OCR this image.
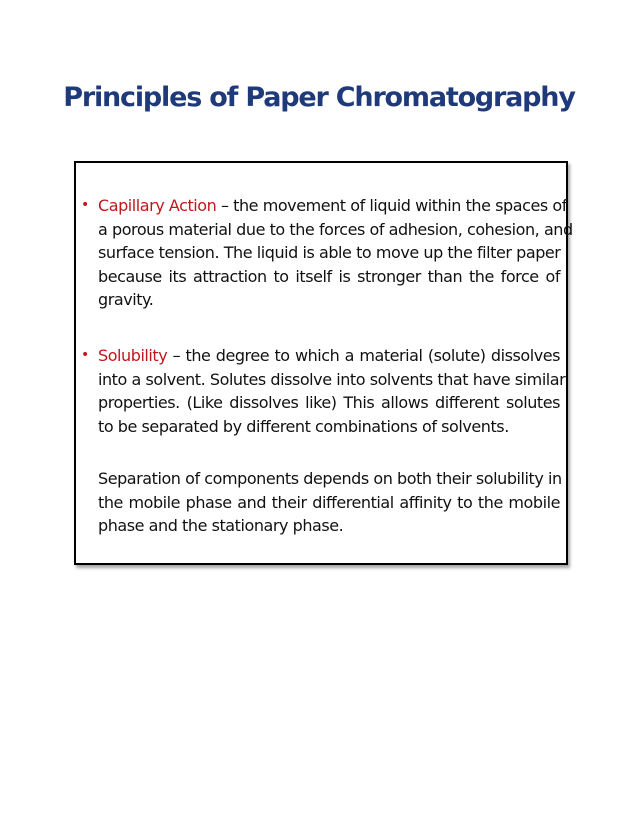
Principles of Paper Chromatography
• Capillary Action – the movement of liquid within the spaces of
a porous material due to the forces of adhesion, cohesion, and
surface tension. The liquid is able to move up the filter paper
because its attraction to itself is stronger than the force of
gravity.
• Solubility – the degree to which a material (solute) dissolves
into a solvent. Solutes dissolve into solvents that have similar
properties. (Like dissolves like) This allows different solutes
to be separated by different combinations of solvents.
Separation of components depends on both their solubility in
the mobile phase and their differential affinity to the mobile
phase and the stationary phase.
